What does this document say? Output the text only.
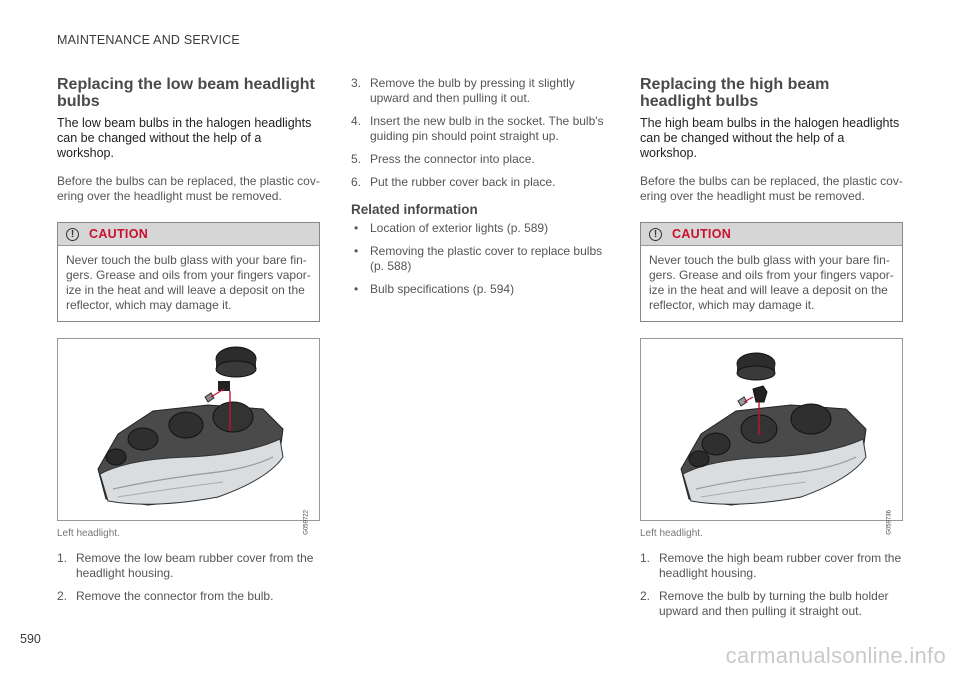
MAINTENANCE AND SERVICE
Replacing the low beam headlight bulbs

The low beam bulbs in the halogen headlights can be changed without the help of a workshop.

Before the bulbs can be replaced, the plastic cov- ering over the headlight must be removed.

!	CAUTION
Never touch the bulb glass with your bare fin- gers. Grease and oils from your fingers vapor- ize in the heat and will leave a deposit on the reflector, which may damage it.
G059722
Left headlight.
1. Remove the low beam rubber cover from the headlight housing.
2. Remove the connector from the bulb.
3. Remove the bulb by pressing it slightly upward and then pulling it out.
4. Insert the new bulb in the socket. The bulb's guiding pin should point straight up.
5. Press the connector into place.
6. Put the rubber cover back in place.
Related information
• Location of exterior lights (p. 589)
• Removing the plastic cover to replace bulbs (p. 588)
• Bulb specifications (p. 594)
Replacing the high beam headlight bulbs

The high beam bulbs in the halogen headlights can be changed without the help of a workshop.

Before the bulbs can be replaced, the plastic cov- ering over the headlight must be removed.

!	CAUTION
Never touch the bulb glass with your bare fin- gers. Grease and oils from your fingers vapor- ize in the heat and will leave a deposit on the reflector, which may damage it.
G059736
Left headlight.
1. Remove the high beam rubber cover from the headlight housing.
2. Remove the bulb by turning the bulb holder upward and then pulling it straight out.
590
carmanualsonline.info
